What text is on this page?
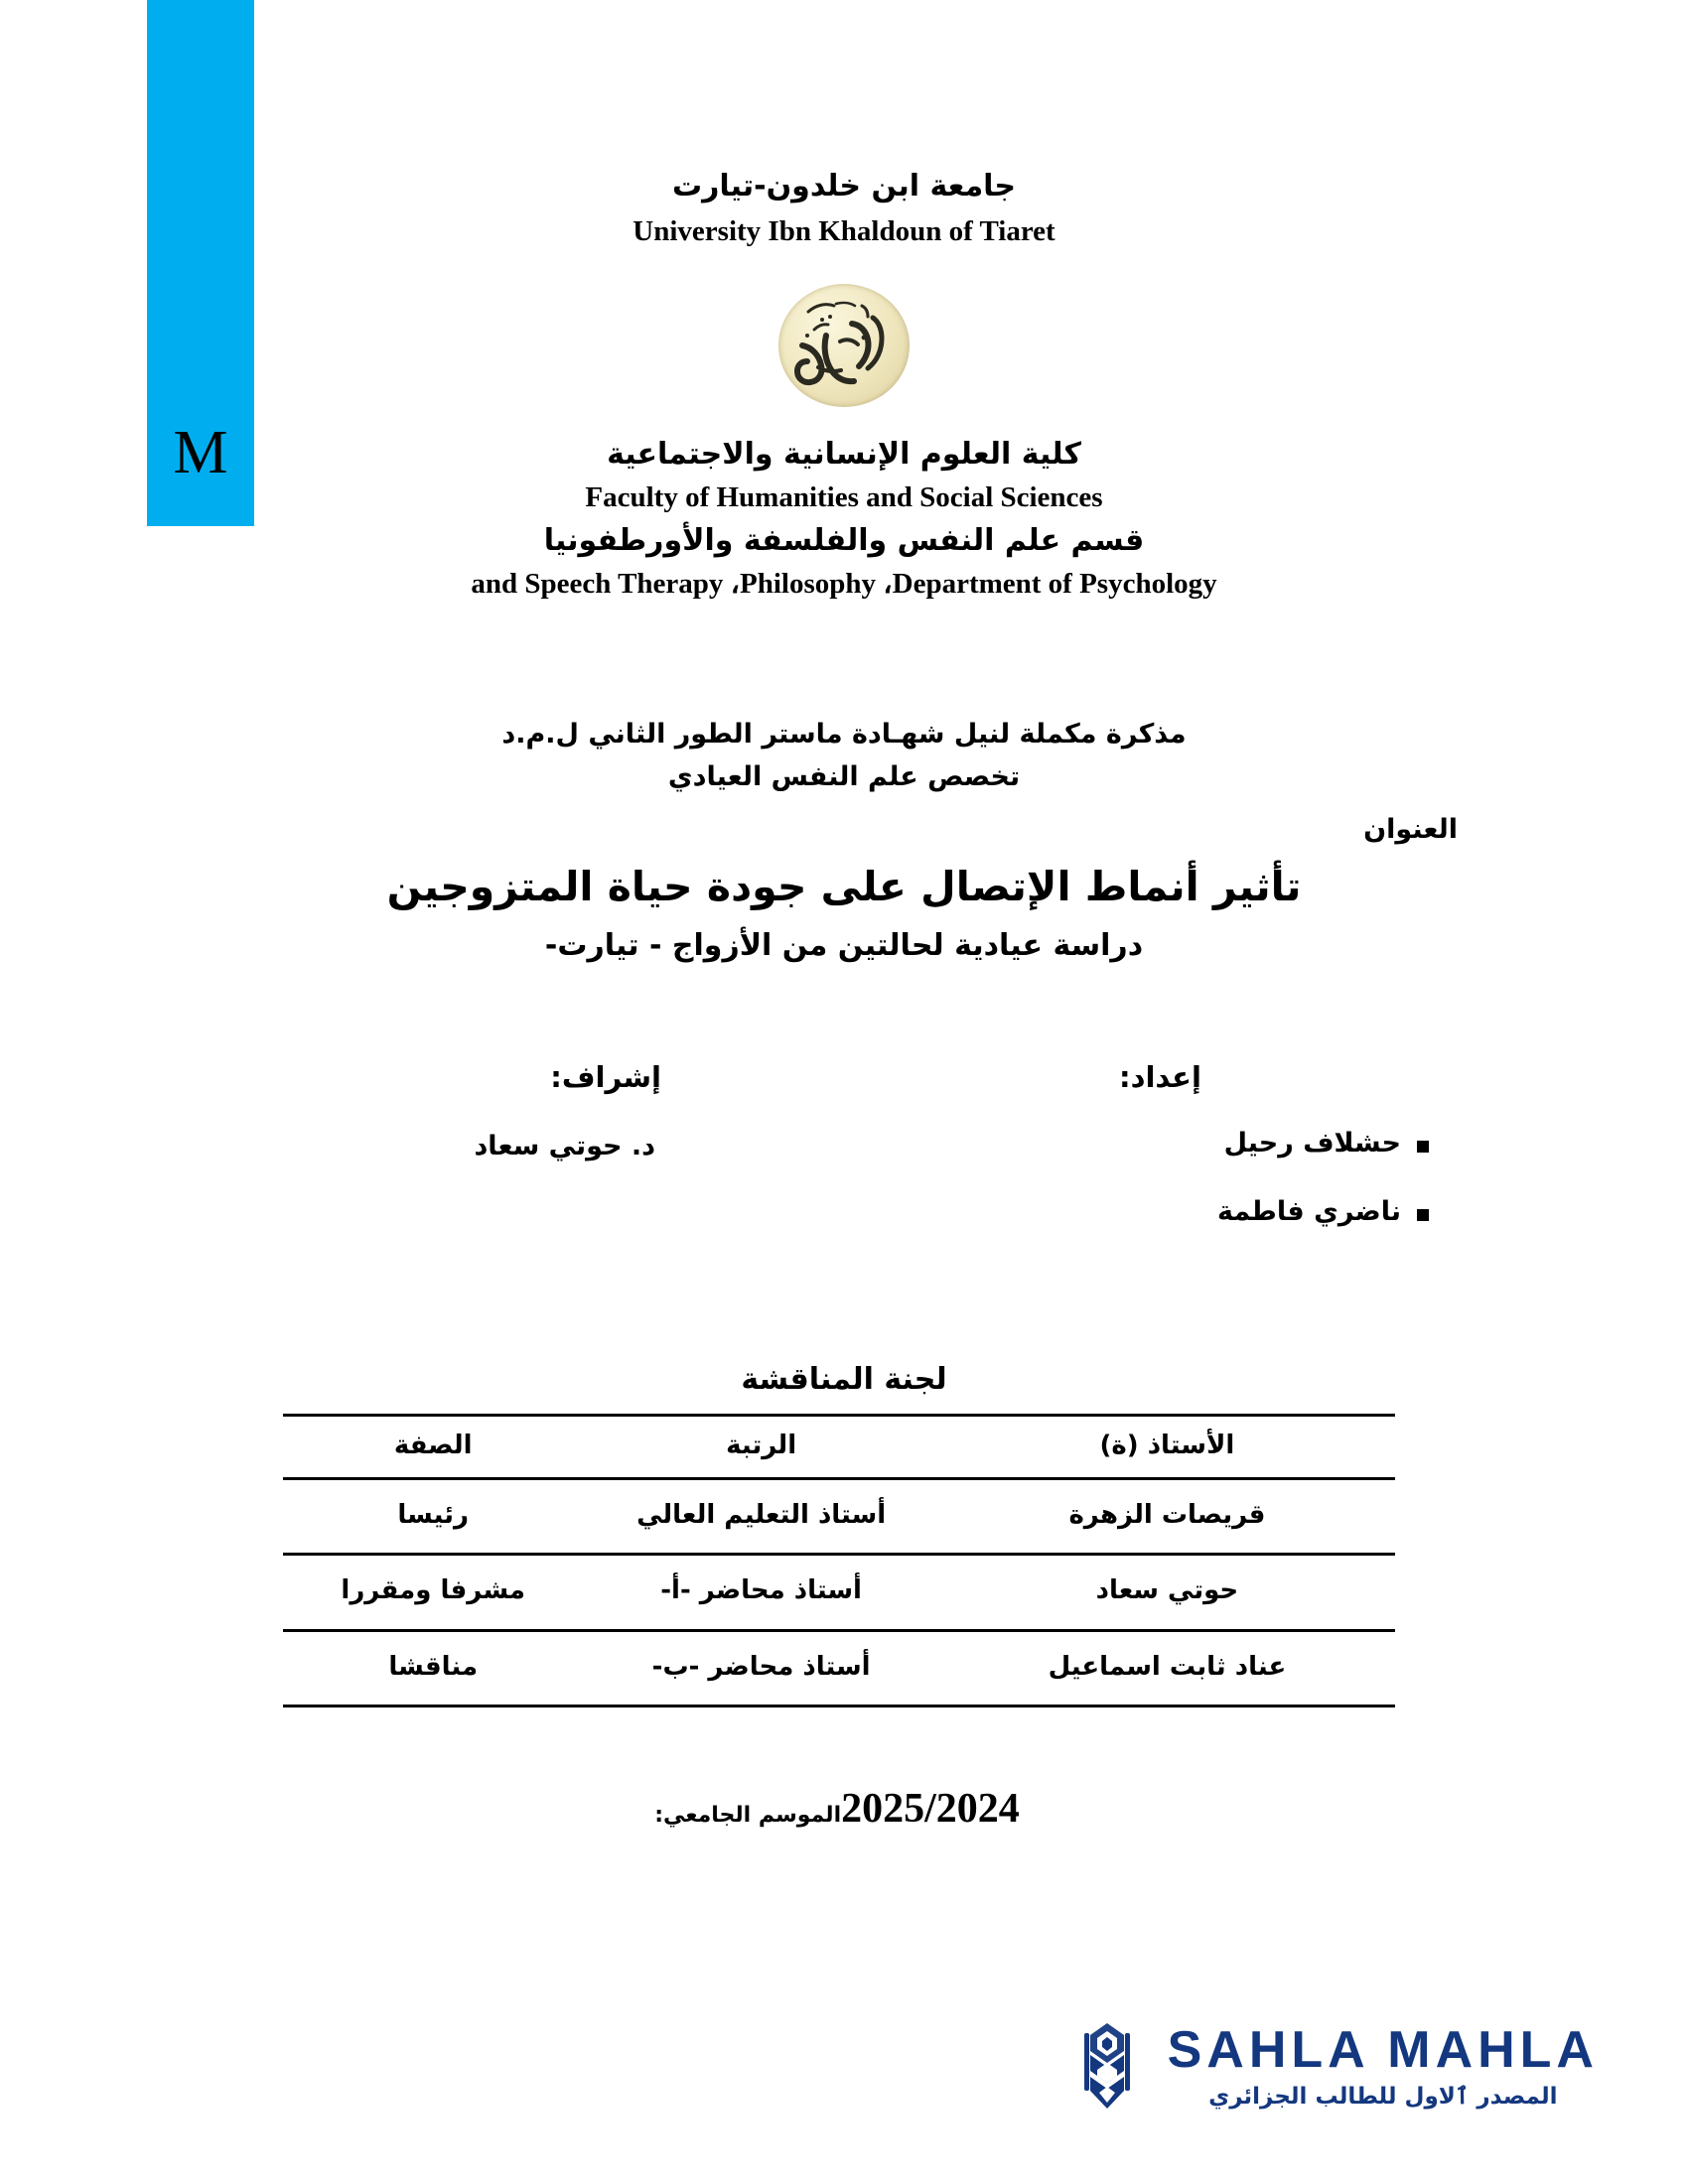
M
جامعة ابن خلدون-تيارت
University Ibn Khaldoun of Tiaret
كلية العلوم الإنسانية والاجتماعية
Faculty of Humanities and Social Sciences
قسم علم النفس والفلسفة والأورطفونيا
and Speech Therapy ،Philosophy ،Department of Psychology
مذكرة مكملة لنيل شهـادة ماستر الطور الثاني ل.م.د
تخصص علم النفس العيادي
العنوان
تأثير أنماط الإتصال على جودة حياة المتزوجين
دراسة عيادية لحالتين من الأزواج - تيارت-
إعداد:
حشلاف رحيل
ناضري فاطمة
إشراف:
د. حوتي سعاد
لجنة المناقشة
الأستاذ (ة)	الرتبة	الصفة
قريصات الزهرة	أستاذ التعليم العالي	رئيسا
حوتي سعاد	أستاذ محاضر -أ-	مشرفا ومقررا
عناد ثابت اسماعيل	أستاذ محاضر -ب-	مناقشا
2025/2024الموسم الجامعي:
SAHLA MAHLA
المصدر ٱلاول للطالب الجزائري
